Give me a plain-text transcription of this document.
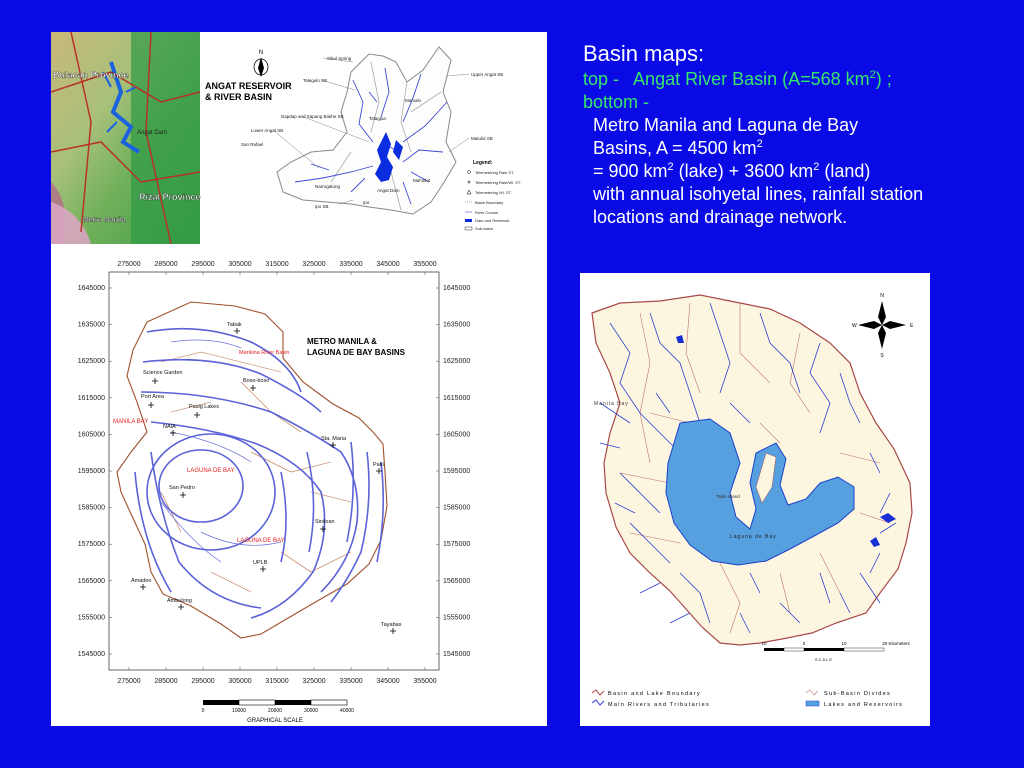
Basin maps:
top - Angat River Basin (A=568 $km^2$) ;
bottom -
Metro Manila and Laguna de Bay
Basins, A = 4500 $km^2$
= 900 $km^2$ (lake) + 3600 $km^2$ (land)
with annual isohyetal lines, rainfall station
locations and drainage network.
Bulacan Province
Angat Dam
Rizal Province
Metro Manila
N
ANGAT RESERVOIR
& RIVER BASIN
Sibul Spring
Talegulo SB
Upper Angat SB
Mamalo
Dapdap and Sapang Bakhe SB	Talagpia
Lower Angat SB
San Rafael
Matulid SB
Mahinlot
Narrogatung
Angat Dam
Ipo SB
Ipo
Legend:
Telemetering Rain ST.
Telemetering Rain/Wl. ST.
Telemetering Wl. ST.
Basin Boundary
River Course
Dam and Reservoir
Sub-basin
275000 285000 295000 305000 315000 325000 335000 345000 355000
275000 285000 295000 305000 315000 325000 335000 345000 355000
1645000
1635000
1625000
1615000
1605000
1595000
1585000
1575000
1565000
1555000
1545000
1645000
1635000
1625000
1615000
1605000
1595000
1585000
1575000
1565000
1555000
1545000
METRO MANILA &
LAGUNA DE BAY BASINS
Marikina River Basin
MANILA BAY
LAGUNA DE BAY
LAGUNA DE BAY
Tabak
Science Garden
Port Area
NAIA
Boso-boso
Pasig Lakes
Sta. Maria
Paki
San Pedro
Siniloan
UPLB
Amadeo
Ambulong
Tayabas
0	10000	20000	30000	40000
GRAPHICAL SCALE
Manila Bay
Talim Island
Laguna de Bay
N
E
S
W
10	0	10	20 Kilometers
SCALE
Basin and Lake Boundary
Main Rivers and Tributaries
Sub-Basin Divides
Lakes and Reservoirs
